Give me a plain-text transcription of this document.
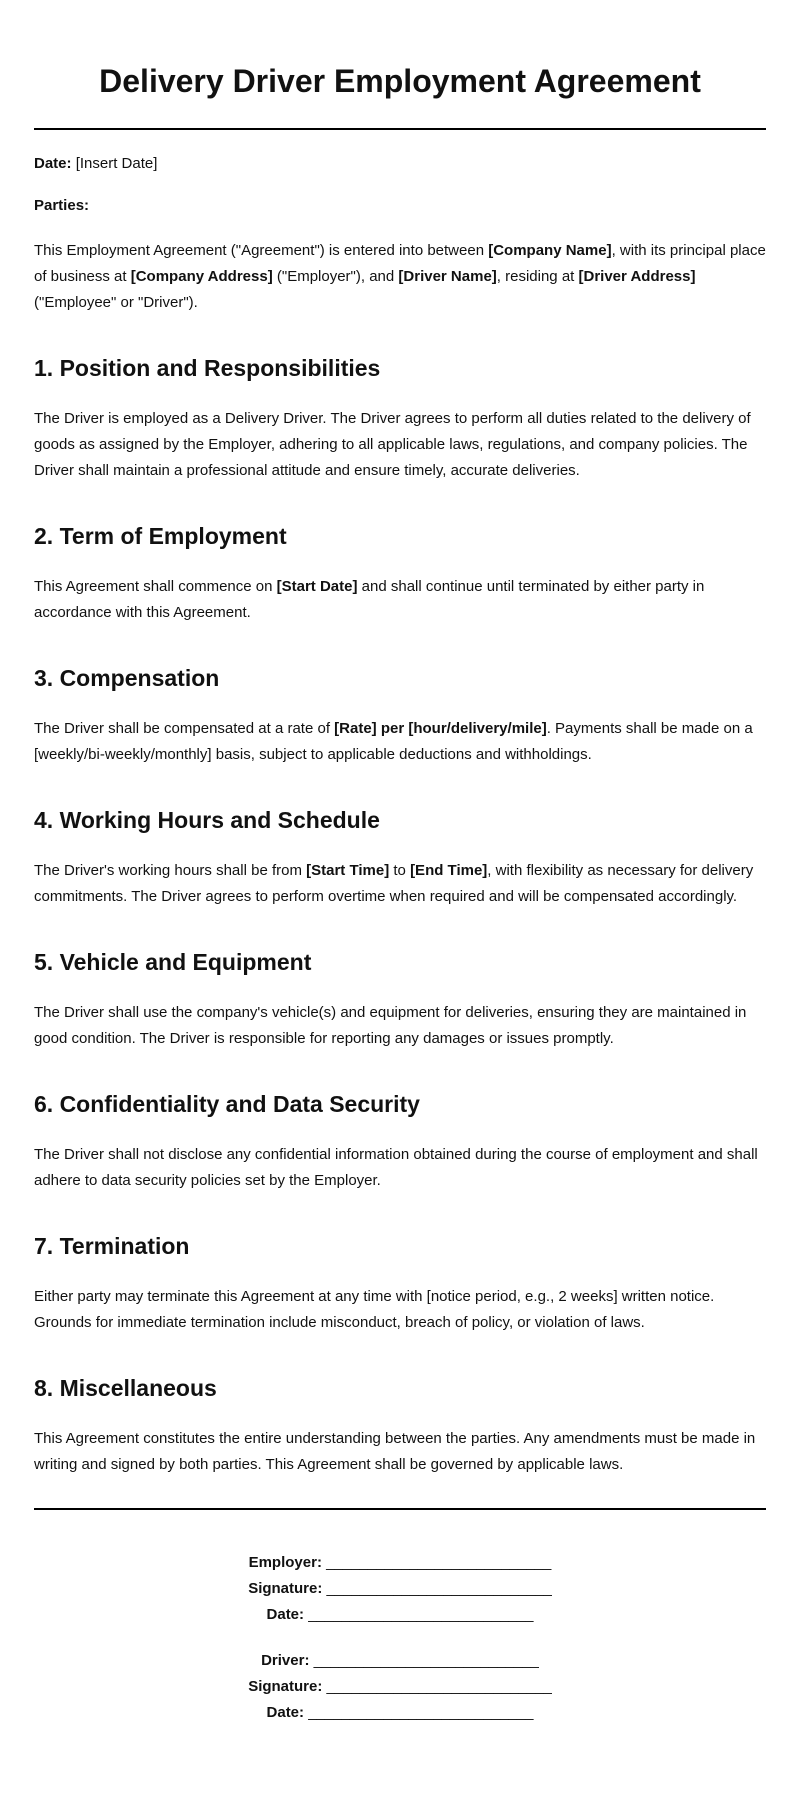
Delivery Driver Employment Agreement

Date: [Insert Date]

Parties:

This Employment Agreement ("Agreement") is entered into between [Company Name], with its principal place of business at [Company Address] ("Employer"), and [Driver Name], residing at [Driver Address] ("Employee" or "Driver").

1. Position and Responsibilities

The Driver is employed as a Delivery Driver. The Driver agrees to perform all duties related to the delivery of goods as assigned by the Employer, adhering to all applicable laws, regulations, and company policies. The Driver shall maintain a professional attitude and ensure timely, accurate deliveries.

2. Term of Employment

This Agreement shall commence on [Start Date] and shall continue until terminated by either party in accordance with this Agreement.

3. Compensation

The Driver shall be compensated at a rate of [Rate] per [hour/delivery/mile]. Payments shall be made on a [weekly/bi-weekly/monthly] basis, subject to applicable deductions and withholdings.

4. Working Hours and Schedule

The Driver's working hours shall be from [Start Time] to [End Time], with flexibility as necessary for delivery commitments. The Driver agrees to perform overtime when required and will be compensated accordingly.

5. Vehicle and Equipment

The Driver shall use the company's vehicle(s) and equipment for deliveries, ensuring they are maintained in good condition. The Driver is responsible for reporting any damages or issues promptly.

6. Confidentiality and Data Security

The Driver shall not disclose any confidential information obtained during the course of employment and shall adhere to data security policies set by the Employer.

7. Termination

Either party may terminate this Agreement at any time with [notice period, e.g., 2 weeks] written notice. Grounds for immediate termination include misconduct, breach of policy, or violation of laws.

8. Miscellaneous

This Agreement constitutes the entire understanding between the parties. Any amendments must be made in writing and signed by both parties. This Agreement shall be governed by applicable laws.

Employer: ___________________________
Signature: ___________________________
Date: ___________________________
Driver: ___________________________
Signature: ___________________________
Date: ___________________________
